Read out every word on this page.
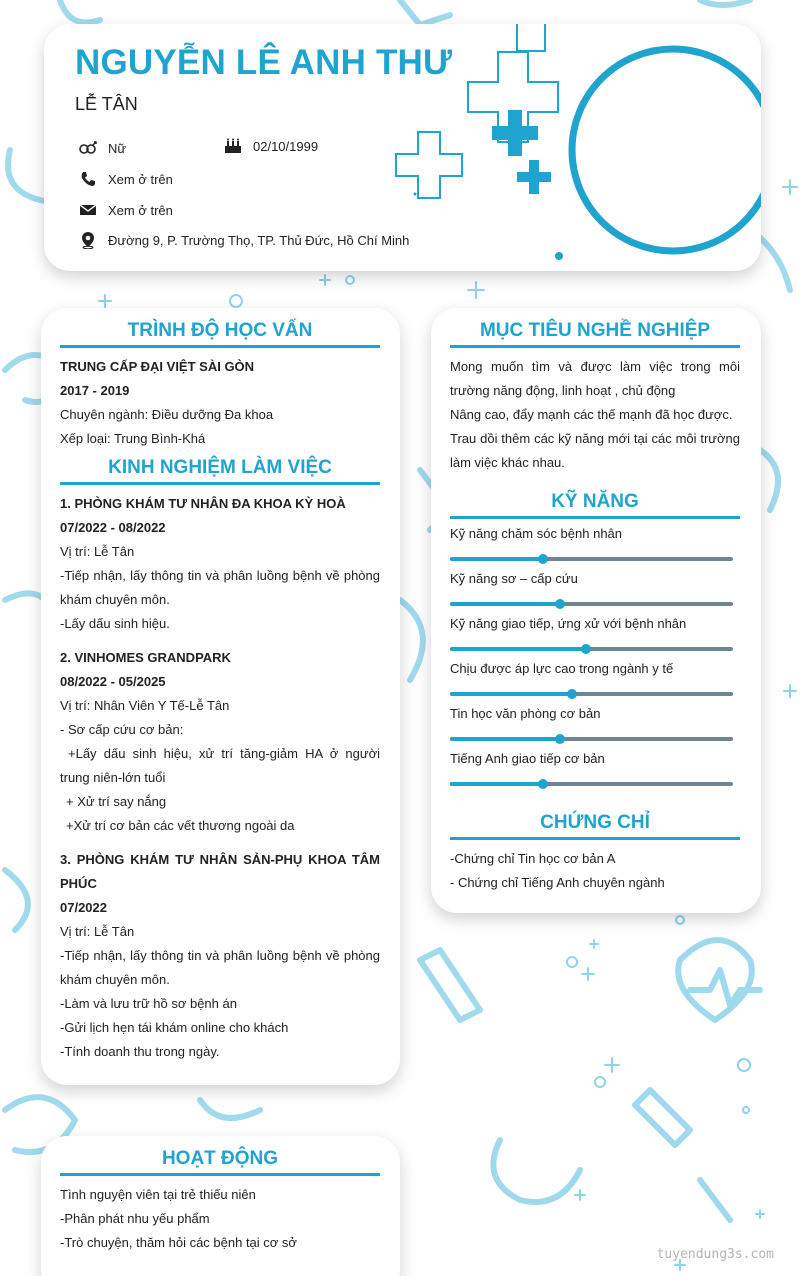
NGUYỄN LÊ ANH THƯ
LỄ TÂN
Nữ	02/10/1999
Xem ở trên
Xem ở trên
Đường 9, P. Trường Thọ, TP. Thủ Đức, Hồ Chí Minh
TRÌNH ĐỘ HỌC VẤN
TRUNG CẤP ĐẠI VIỆT SÀI GÒN
2017 - 2019
Chuyên ngành: Điều dưỡng Đa khoa
Xếp loại: Trung Bình-Khá
KINH NGHIỆM LÀM VIỆC
1. PHÒNG KHÁM TƯ NHÂN ĐA KHOA KỲ HOÀ
07/2022 - 08/2022
Vị trí: Lễ Tân
-Tiếp nhận, lấy thông tin và phân luồng bệnh về phòng khám chuyên môn.
-Lấy dấu sinh hiệu.
2. VINHOMES GRANDPARK
08/2022 - 05/2025
Vị trí: Nhân Viên Y Tế-Lễ Tân
- Sơ cấp cứu cơ bản:
+Lấy dấu sinh hiệu, xử trí tăng-giảm HA ở người trung niên-lớn tuổi
+ Xử trí say nắng
+Xử trí cơ bản các vết thương ngoài da
3. PHÒNG KHÁM TƯ NHÂN SẢN-PHỤ KHOA TÂM PHÚC
07/2022
Vị trí: Lễ Tân
-Tiếp nhận, lấy thông tin và phân luồng bệnh về phòng khám chuyên môn.
-Làm và lưu trữ hồ sơ bệnh án
-Gửi lịch hẹn tái khám online cho khách
-Tính doanh thu trong ngày.
MỤC TIÊU NGHỀ NGHIỆP
Mong muốn tìm và được làm việc trong môi trường năng động, linh hoạt , chủ động
Nâng cao, đẩy mạnh các thế mạnh đã học được.
Trau dồi thêm các kỹ năng mới tại các môi trường làm việc khác nhau.
KỸ NĂNG
Kỹ năng chăm sóc bệnh nhân
Kỹ năng sơ – cấp cứu
Kỹ năng giao tiếp, ứng xử với bệnh nhân
Chịu được áp lực cao trong ngành y tế
Tin học văn phòng cơ bản
Tiếng Anh giao tiếp cơ bản
CHỨNG CHỈ
-Chứng chỉ Tin học cơ bản A
- Chứng chỉ Tiếng Anh chuyên ngành
HOẠT ĐỘNG
Tình nguyện viên tại trẻ thiếu niên
-Phân phát nhu yếu phẩm
-Trò chuyện, thăm hỏi các bệnh tại cơ sở
tuyendung3s.com
